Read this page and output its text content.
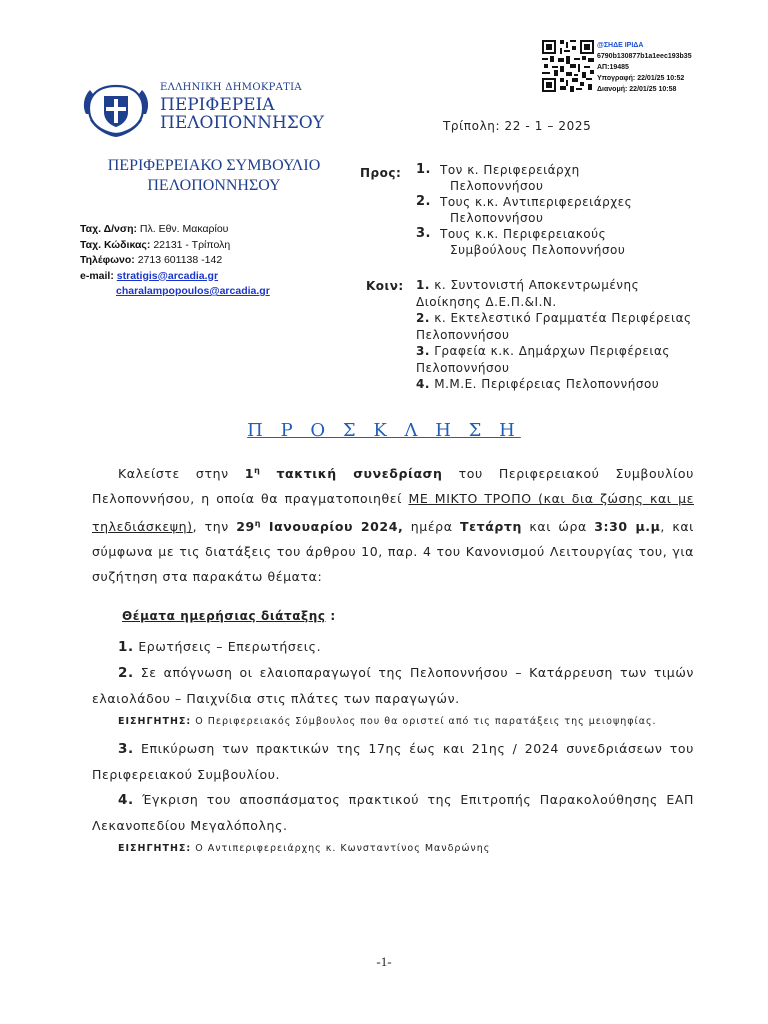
@ΣΗΔΕ ΙΡΙΔΑ
6790b130877b1a1eec193b35
ΑΠ:19485
Υπογραφή: 22/01/25 10:52
Διανομή: 22/01/25 10:58
ΕΛΛΗΝΙΚΗ ΔΗΜΟΚΡΑΤΙΑ
ΠΕΡΙΦΕΡΕΙΑ
ΠΕΛΟΠΟΝΝΗΣΟΥ
ΠΕΡΙΦΕΡΕΙΑΚΟ ΣΥΜΒΟΥΛΙΟ
ΠΕΛΟΠΟΝΝΗΣΟΥ
Ταχ. Δ/νση: Πλ. Εθν. Μακαρίου
Ταχ. Κώδικας: 22131 - Τρίπολη
Τηλέφωνο: 2713 601138 -142
e-mail: stratigis@arcadia.gr
charalampopoulos@arcadia.gr
Τρίπολη: 22 - 1 – 2025
Προς: 1. Τον κ. Περιφερειάρχη
Πελοποννήσου
2. Τους κ.κ. Αντιπεριφερειάρχες
Πελοποννήσου
3. Τους κ.κ. Περιφερειακούς
Συμβούλους Πελοποννήσου
Κοιν: 1. κ. Συντονιστή Αποκεντρωμένης Διοίκησης Δ.Ε.Π.&Ι.Ν.
2. κ. Εκτελεστικό Γραμματέα Περιφέρειας Πελοποννήσου
3. Γραφεία κ.κ. Δημάρχων Περιφέρειας Πελοποννήσου
4. Μ.Μ.Ε. Περιφέρειας Πελοποννήσου
Π Ρ Ο Σ Κ Λ Η Σ Η

Καλείστε στην $1^\eta$ τακτική συνεδρίαση του Περιφερειακού Συμβουλίου Πελοποννήσου, η οποία θα πραγματοποιηθεί ΜΕ ΜΙΚΤΟ ΤΡΟΠΟ (και δια ζώσης και με τηλεδιάσκεψη), την $29^\eta$ Ιανουαρίου 2024, ημέρα Τετάρτη και ώρα 3:30 μ.μ, και σύμφωνα με τις διατάξεις του άρθρου 10, παρ. 4 του Κανονισμού Λειτουργίας του, για συζήτηση στα παρακάτω θέματα:

Θέματα ημερήσιας διάταξης :

1. Ερωτήσεις – Επερωτήσεις.

2. Σε απόγνωση οι ελαιοπαραγωγοί της Πελοποννήσου – Κατάρρευση των τιμών ελαιολάδου – Παιχνίδια στις πλάτες των παραγωγών.

ΕΙΣΗΓΗΤΗΣ: Ο Περιφερειακός Σύμβουλος που θα οριστεί από τις παρατάξεις της μειοψηφίας.

3. Επικύρωση των πρακτικών της 17ης έως και 21ης / 2024 συνεδριάσεων του Περιφερειακού Συμβουλίου.

4. Έγκριση του αποσπάσματος πρακτικού της Επιτροπής Παρακολούθησης ΕΑΠ Λεκανοπεδίου Μεγαλόπολης.

ΕΙΣΗΓΗΤΗΣ: Ο Αντιπεριφερειάρχης κ. Κωνσταντίνος Μανδρώνης

-1-
